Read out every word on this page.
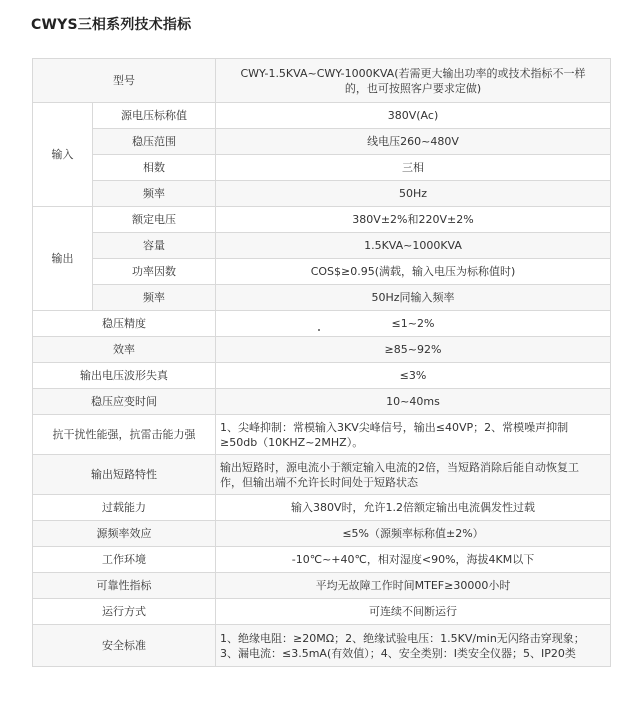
CWYS三相系列技术指标
型号		CWY-1.5KVA~CWY-1000KVA(若需更大输出功率的或技术指标不一样
的，也可按照客户要求定做)

输入	源电压标称值	380V(Ac)
	稳压范围	线电压260~480V
	相数	三相
	频率	50Hz
输出	额定电压	380V±2%和220V±2%
	容量	1.5KVA~1000KVA
	功率因数	COS$≥0.95(满载，输入电压为标称值时)
	频率	50Hz同输入频率
稳压精度		≤1~2%
效率		≥85~92%
输出电压波形失真		≤3%
稳压应变时间		10~40ms
抗干扰性能强，抗雷击能力强		1、尖峰抑制：常模输入3KV尖峰信号，输出≤40VP；2、常模噪声抑制
≥50db（10KHZ~2MHZ）。

输出短路特性		输出短路时，源电流小于额定输入电流的2倍，当短路消除后能自动恢复工
作，但输出端不允许长时间处于短路状态

过载能力		输入380V时，允许1.2倍额定输出电流偶发性过载
源频率效应		≤5%（源频率标称值±2%）
工作环境		-10℃~+40℃，相对湿度<90%，海拔4KM以下
可靠性指标		平均无故障工作时间MTEF≥30000小时
运行方式		可连续不间断运行
安全标准		1、绝缘电阻：≥20MΩ；2、绝缘试验电压：1.5KV/min无闪络击穿现象；
3、漏电流：≤3.5mA(有效值）；4、安全类别：Ⅰ类安全仪器；5、IP20类
